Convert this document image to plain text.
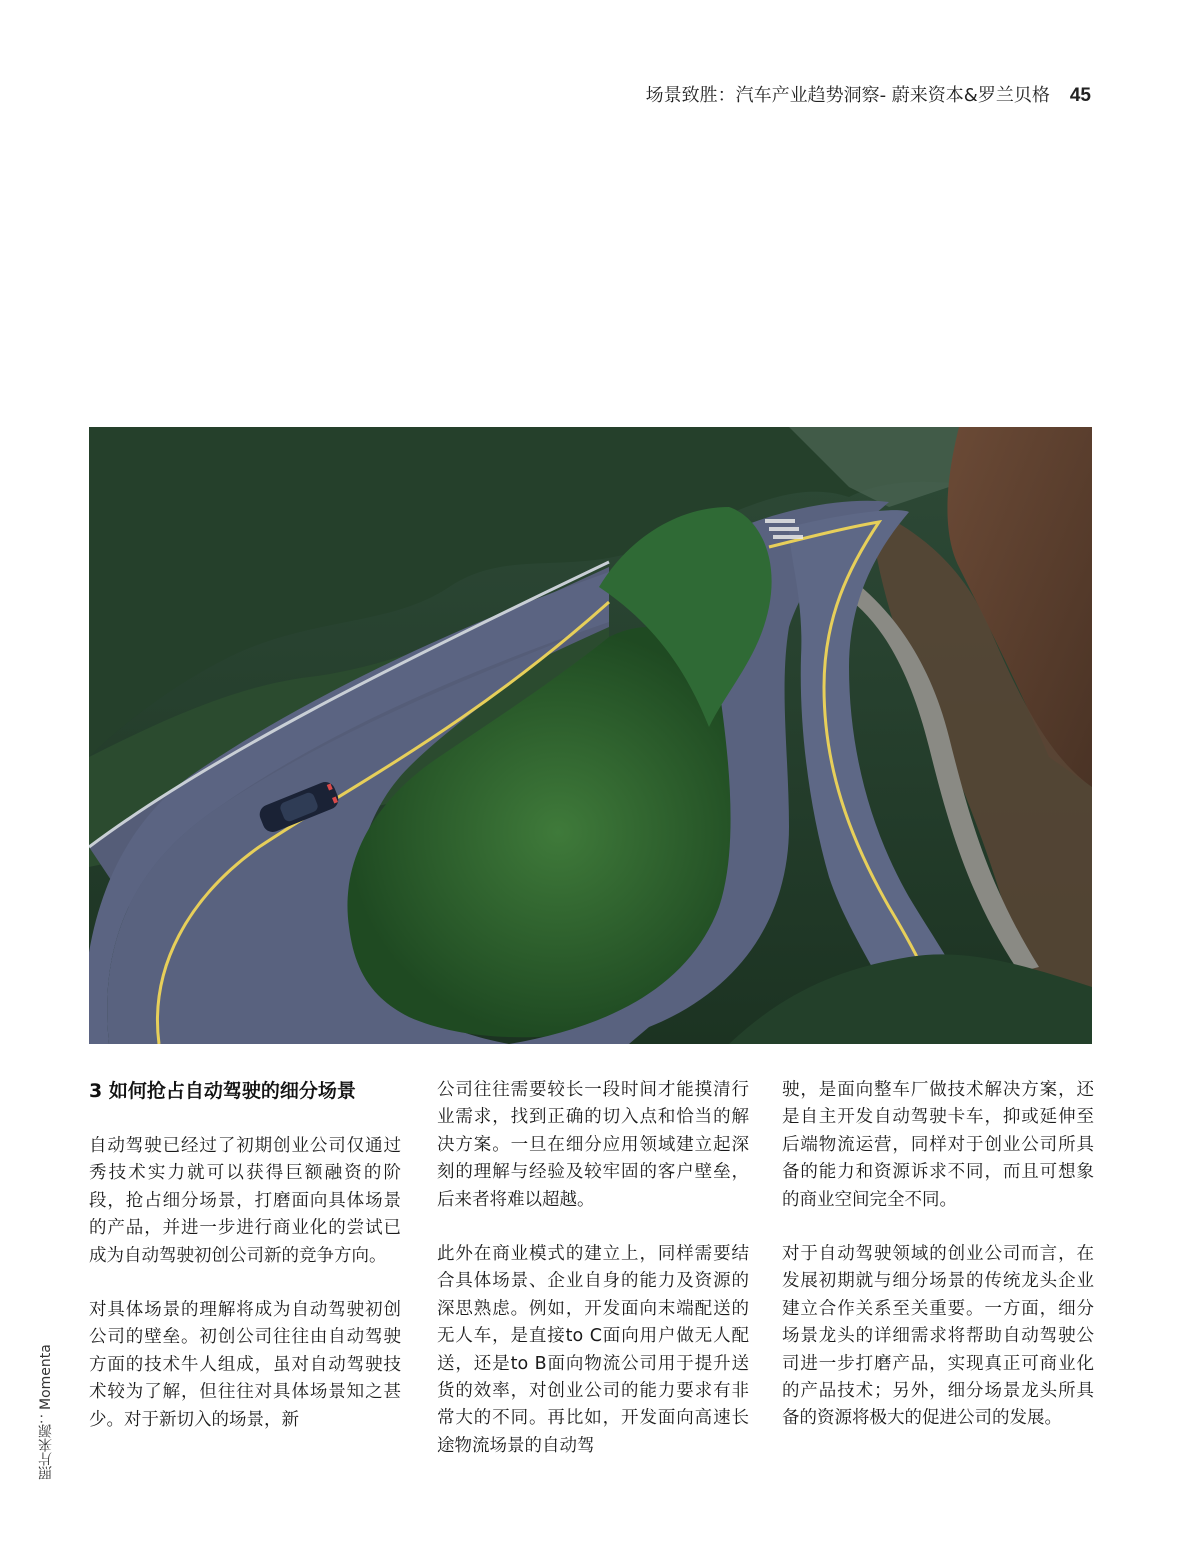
场景致胜：汽车产业趋势洞察- 蔚来资本&罗兰贝格 45
照片来源：Momenta
3 如何抢占自动驾驶的细分场景

自动驾驶已经过了初期创业公司仅通过秀技术实力就可以获得巨额融资的阶段，抢占细分场景，打磨面向具体场景的产品，并进一步进行商业化的尝试已成为自动驾驶初创公司新的竞争方向。

对具体场景的理解将成为自动驾驶初创公司的壁垒。初创公司往往由自动驾驶方面的技术牛人组成，虽对自动驾驶技术较为了解，但往往对具体场景知之甚少。对于新切入的场景，新

公司往往需要较长一段时间才能摸清行业需求，找到正确的切入点和恰当的解决方案。一旦在细分应用领域建立起深刻的理解与经验及较牢固的客户壁垒，后来者将难以超越。

此外在商业模式的建立上，同样需要结合具体场景、企业自身的能力及资源的深思熟虑。例如，开发面向末端配送的无人车，是直接to C面向用户做无人配送，还是to B面向物流公司用于提升送货的效率，对创业公司的能力要求有非常大的不同。再比如，开发面向高速长途物流场景的自动驾

驶，是面向整车厂做技术解决方案，还是自主开发自动驾驶卡车，抑或延伸至后端物流运营，同样对于创业公司所具备的能力和资源诉求不同，而且可想象的商业空间完全不同。

对于自动驾驶领域的创业公司而言，在发展初期就与细分场景的传统龙头企业建立合作关系至关重要。一方面，细分场景龙头的详细需求将帮助自动驾驶公司进一步打磨产品，实现真正可商业化的产品技术；另外，细分场景龙头所具备的资源将极大的促进公司的发展。
